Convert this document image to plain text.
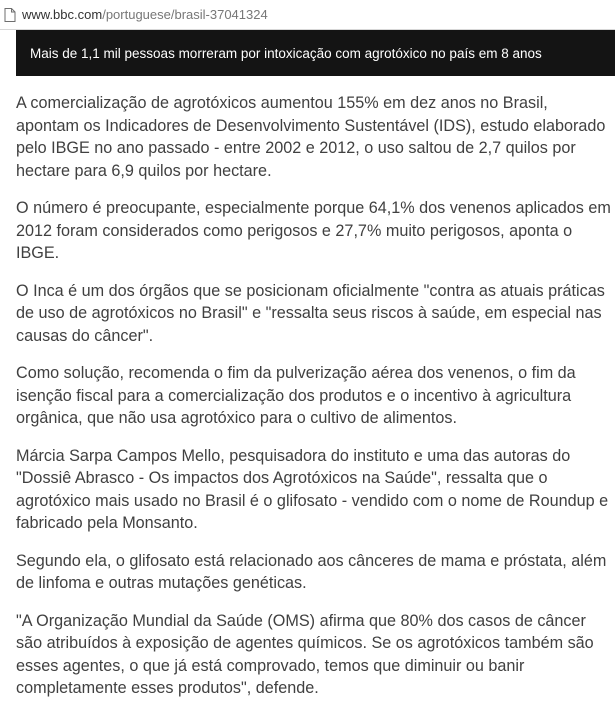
www.bbc.com/portuguese/brasil-37041324
Mais de 1,1 mil pessoas morreram por intoxicação com agrotóxico no país em 8 anos

A comercialização de agrotóxicos aumentou 155% em dez anos no Brasil, apontam os Indicadores de Desenvolvimento Sustentável (IDS), estudo elaborado pelo IBGE no ano passado - entre 2002 e 2012, o uso saltou de 2,7 quilos por hectare para 6,9 quilos por hectare.

O número é preocupante, especialmente porque 64,1% dos venenos aplicados em 2012 foram considerados como perigosos e 27,7% muito perigosos, aponta o IBGE.

O Inca é um dos órgãos que se posicionam oficialmente "contra as atuais práticas de uso de agrotóxicos no Brasil" e "ressalta seus riscos à saúde, em especial nas causas do câncer".

Como solução, recomenda o fim da pulverização aérea dos venenos, o fim da isenção fiscal para a comercialização dos produtos e o incentivo à agricultura orgânica, que não usa agrotóxico para o cultivo de alimentos.

Márcia Sarpa Campos Mello, pesquisadora do instituto e uma das autoras do "Dossiê Abrasco - Os impactos dos Agrotóxicos na Saúde", ressalta que o agrotóxico mais usado no Brasil é o glifosato - vendido com o nome de Roundup e fabricado pela Monsanto.

Segundo ela, o glifosato está relacionado aos cânceres de mama e próstata, além de linfoma e outras mutações genéticas.

"A Organização Mundial da Saúde (OMS) afirma que 80% dos casos de câncer são atribuídos à exposição de agentes químicos. Se os agrotóxicos também são esses agentes, o que já está comprovado, temos que diminuir ou banir completamente esses produtos", defende.
